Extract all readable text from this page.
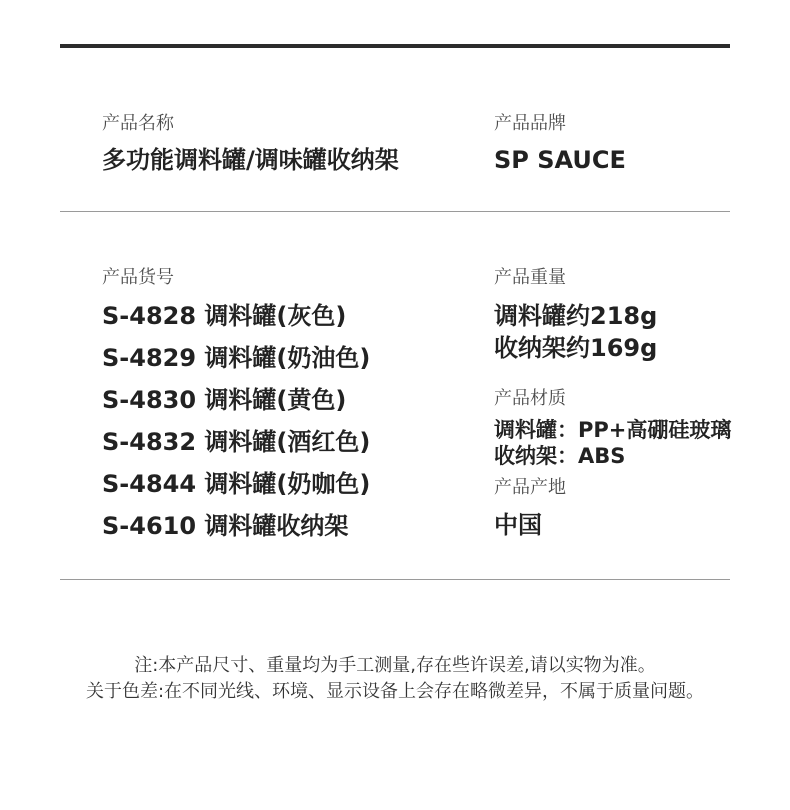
产品名称
多功能调料罐/调味罐收纳架
产品品牌
SP SAUCE
产品货号
S-4828 调料罐(灰色)
S-4829 调料罐(奶油色)
S-4830 调料罐(黄色)
S-4832 调料罐(酒红色)
S-4844 调料罐(奶咖色)
S-4610 调料罐收纳架
产品重量
调料罐约218g
收纳架约169g
产品材质
调料罐：PP+高硼硅玻璃
收纳架：ABS
产品产地
中国
注:本产品尺寸、重量均为手工测量,存在些许误差,请以实物为准。
关于色差:在不同光线、环境、显示设备上会存在略微差异，不属于质量问题。
